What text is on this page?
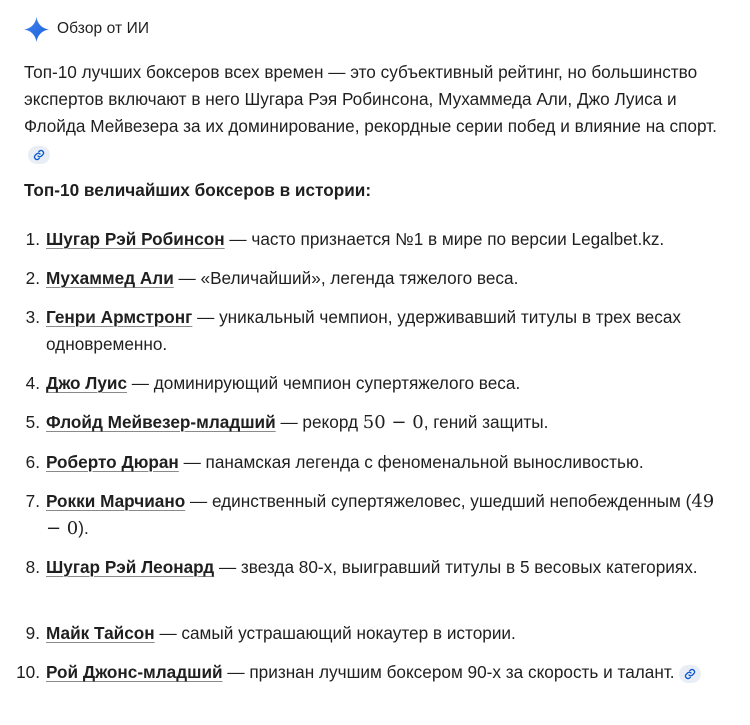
Обзор от ИИ

Топ-10 лучших боксеров всех времен — это субъективный рейтинг, но большинство экспертов включают в него Шугара Рэя Робинсона, Мухаммеда Али, Джо Луиса и Флойда Мейвезера за их доминирование, рекордные серии побед и влияние на спорт.

Топ-10 величайших боксеров в истории:
1. Шугар Рэй Робинсон — часто признается №1 в мире по версии Legalbet.kz.
2. Мухаммед Али — «Величайший», легенда тяжелого веса.
3. Генри Армстронг — уникальный чемпион, удерживавший титулы в трех весах одновременно.
4. Джо Луис — доминирующий чемпион супертяжелого веса.
5. Флойд Мейвезер-младший — рекорд 50 − 0, гений защиты.
6. Роберто Дюран — панамская легенда с феноменальной выносливостью.
7. Рокки Марчиано — единственный супертяжеловес, ушедший непобежденным (49 − 0).
8. Шугар Рэй Леонард — звезда 80-х, выигравший титулы в 5 весовых категориях.
9. Майк Тайсон — самый устрашающий нокаутер в истории.
10. Рой Джонс-младший — признан лучшим боксером 90-х за скорость и талант.
